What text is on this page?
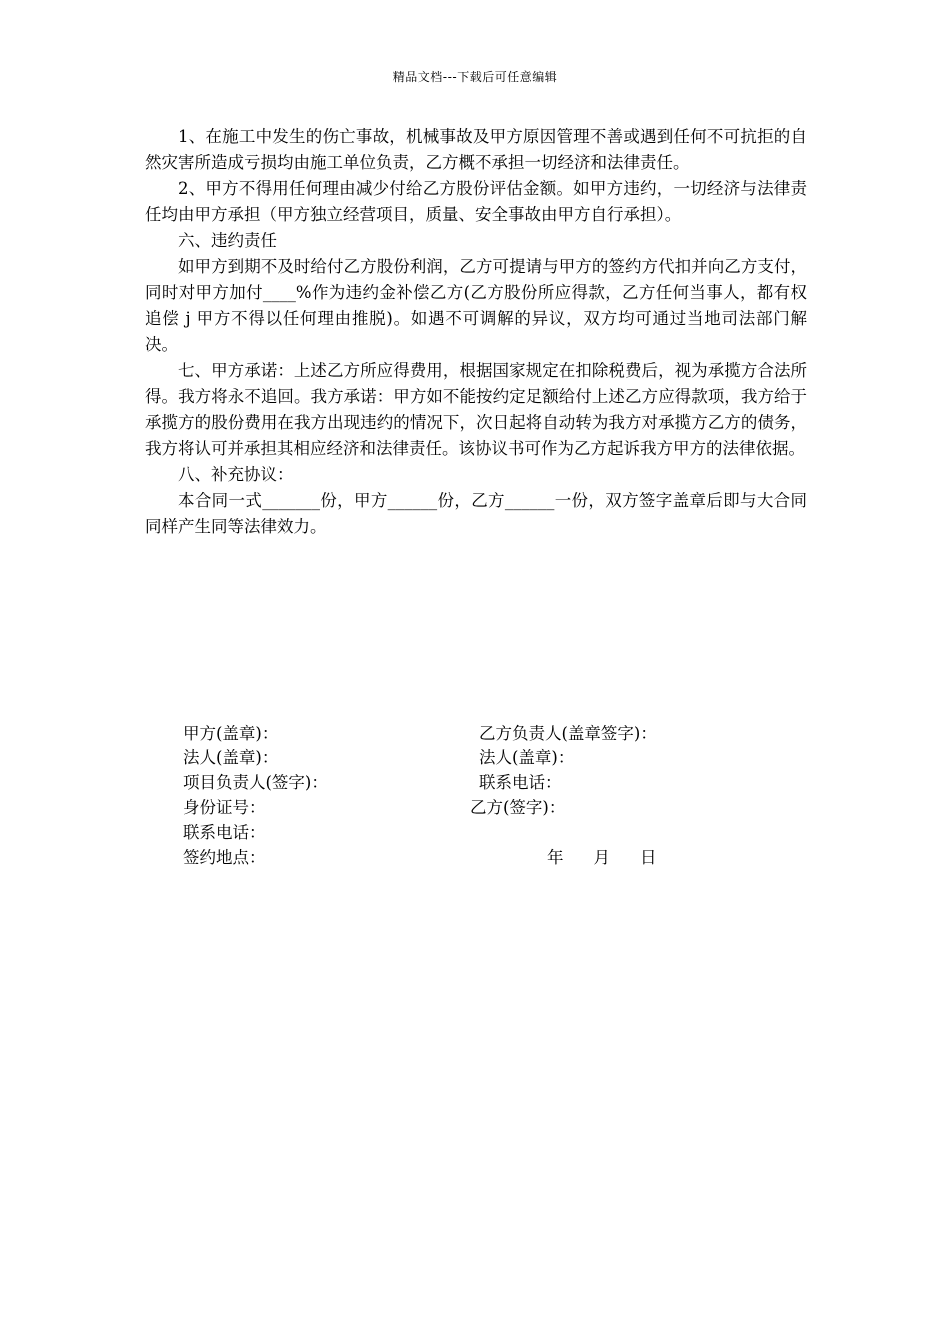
精品文档---下载后可任意编辑

1、在施工中发生的伤亡事故，机械事故及甲方原因管理不善或遇到任何不可抗拒的自然灾害所造成亏损均由施工单位负责，乙方概不承担一切经济和法律责任。

2、甲方不得用任何理由减少付给乙方股份评估金额。如甲方违约，一切经济与法律责任均由甲方承担（甲方独立经营项目，质量、安全事故由甲方自行承担）。

六、违约责任

如甲方到期不及时给付乙方股份利润，乙方可提请与甲方的签约方代扣并向乙方支付，同时对甲方加付____%作为违约金补偿乙方(乙方股份所应得款，乙方任何当事人，都有权追偿 j 甲方不得以任何理由推脱)。如遇不可调解的异议，双方均可通过当地司法部门解决。

七、甲方承诺：上述乙方所应得费用，根据国家规定在扣除税费后，视为承揽方合法所得。我方将永不追回。我方承诺：甲方如不能按约定足额给付上述乙方应得款项，我方给于承揽方的股份费用在我方出现违约的情况下，次日起将自动转为我方对承揽方乙方的债务，我方将认可并承担其相应经济和法律责任。该协议书可作为乙方起诉我方甲方的法律依据。

八、补充协议：

本合同一式_______份，甲方______份，乙方______一份，双方签字盖章后即与大合同同样产生同等法律效力。

甲方(盖章)：
法人(盖章)：
项目负责人(签字)：
身份证号：
联系电话：
签约地点：
乙方负责人(盖章签字)：
法人(盖章)：
联系电话：
乙方(签字)：
年 月 日
